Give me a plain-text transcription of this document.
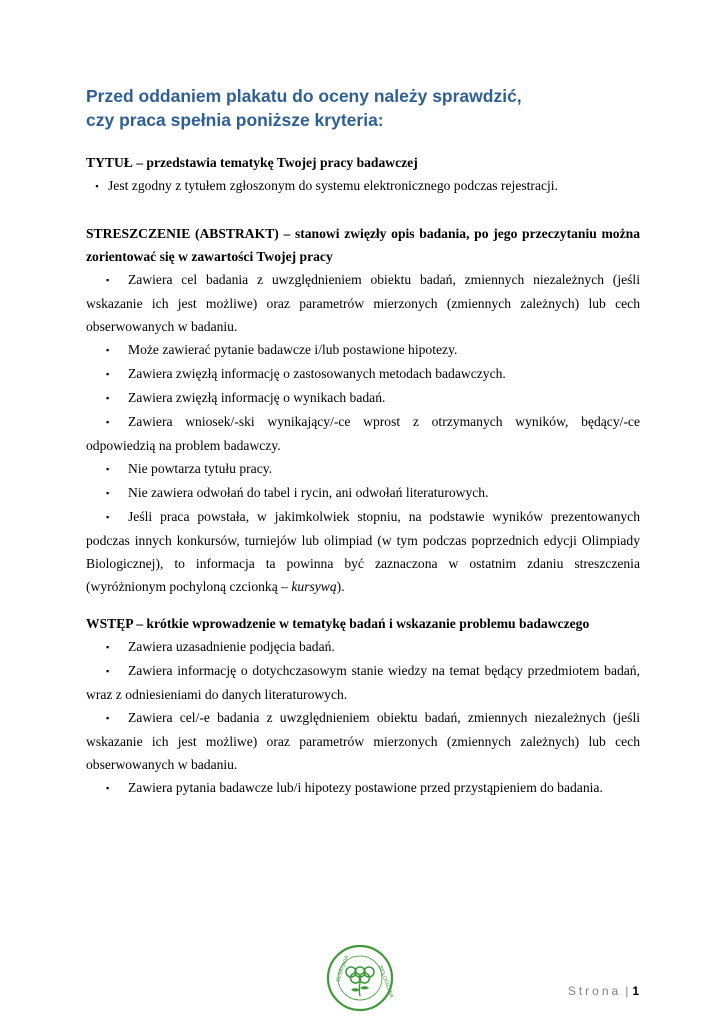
Przed oddaniem plakatu do oceny należy sprawdzić,
czy praca spełnia poniższe kryteria:
TYTUŁ – przedstawia tematykę Twojej pracy badawczej
▪ Jest zgodny z tytułem zgłoszonym do systemu elektronicznego podczas rejestracji.
STRESZCZENIE (ABSTRAKT) – stanowi zwięzły opis badania, po jego przeczytaniu można zorientować się w zawartości Twojej pracy
▪ Zawiera cel badania z uwzględnieniem obiektu badań, zmiennych niezależnych (jeśli wskazanie ich jest możliwe) oraz parametrów mierzonych (zmiennych zależnych) lub cech obserwowanych w badaniu.
▪ Może zawierać pytanie badawcze i/lub postawione hipotezy.
▪ Zawiera zwięzłą informację o zastosowanych metodach badawczych.
▪ Zawiera zwięzłą informację o wynikach badań.
▪ Zawiera wniosek/-ski wynikający/-ce wprost z otrzymanych wyników, będący/-ce odpowiedzią na problem badawczy.
▪ Nie powtarza tytułu pracy.
▪ Nie zawiera odwołań do tabel i rycin, ani odwołań literaturowych.
▪ Jeśli praca powstała, w jakimkolwiek stopniu, na podstawie wyników prezentowanych podczas innych konkursów, turniejów lub olimpiad (w tym podczas poprzednich edycji Olimpiady Biologicznej), to informacja ta powinna być zaznaczona w ostatnim zdaniu streszczenia (wyróżnionym pochyloną czcionką – kursywą).
WSTĘP – krótkie wprowadzenie w tematykę badań i wskazanie problemu badawczego
▪ Zawiera uzasadnienie podjęcia badań.
▪ Zawiera informację o dotychczasowym stanie wiedzy na temat będący przedmiotem badań, wraz z odniesieniami do danych literaturowych.
▪ Zawiera cel/-e badania z uwzględnieniem obiektu badań, zmiennych niezależnych (jeśli wskazanie ich jest możliwe) oraz parametrów mierzonych (zmiennych zależnych) lub cech obserwowanych w badaniu.
▪ Zawiera pytania badawcze lub/i hipotezy postawione przed przystąpieniem do badania.
OLIMPIADA	BIOLOGICZNA	Strona | 1
